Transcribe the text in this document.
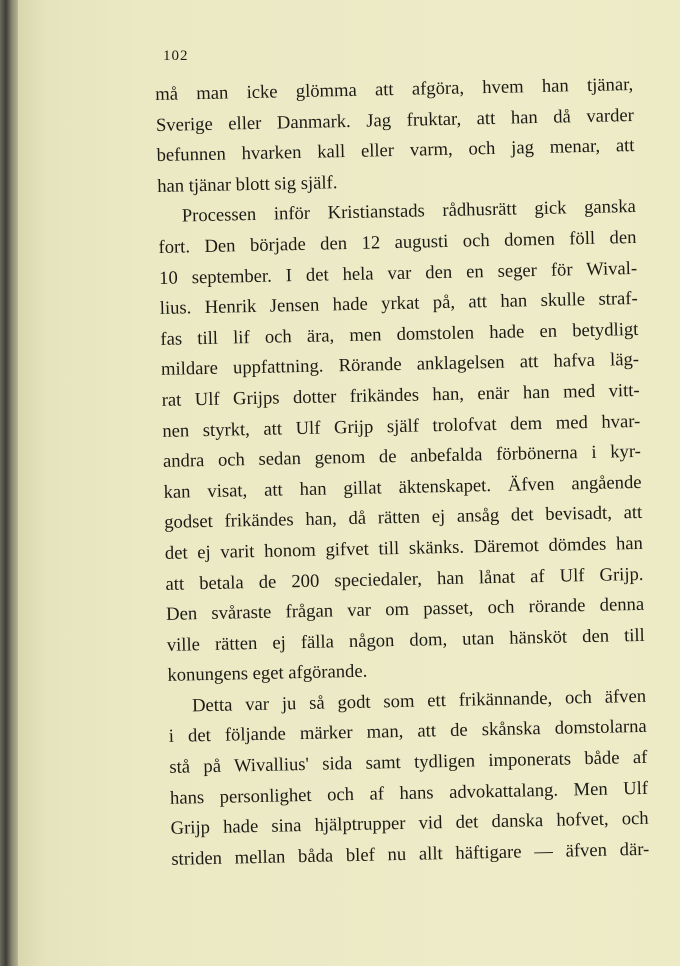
102
må man icke glömma att afgöra, hvem han tjänar,
Sverige eller Danmark. Jag fruktar, att han då varder
befunnen hvarken kall eller varm, och jag menar, att
han tjänar blott sig själf.
Processen inför Kristianstads rådhusrätt gick ganska
fort. Den började den 12 augusti och domen föll den
10 september. I det hela var den en seger för Wival-
lius. Henrik Jensen hade yrkat på, att han skulle straf-
fas till lif och ära, men domstolen hade en betydligt
mildare uppfattning. Rörande anklagelsen att hafva läg-
rat Ulf Grijps dotter frikändes han, enär han med vitt-
nen styrkt, att Ulf Grijp själf trolofvat dem med hvar-
andra och sedan genom de anbefalda förbönerna i kyr-
kan visat, att han gillat äktenskapet. Äfven angående
godset frikändes han, då rätten ej ansåg det bevisadt, att
det ej varit honom gifvet till skänks. Däremot dömdes han
att betala de 200 speciedaler, han lånat af Ulf Grijp.
Den svåraste frågan var om passet, och rörande denna
ville rätten ej fälla någon dom, utan hänsköt den till
konungens eget afgörande.
Detta var ju så godt som ett frikännande, och äfven
i det följande märker man, att de skånska domstolarna
stå på Wivallius' sida samt tydligen imponerats både af
hans personlighet och af hans advokattalang. Men Ulf
Grijp hade sina hjälptrupper vid det danska hofvet, och
striden mellan båda blef nu allt häftigare — äfven där-
